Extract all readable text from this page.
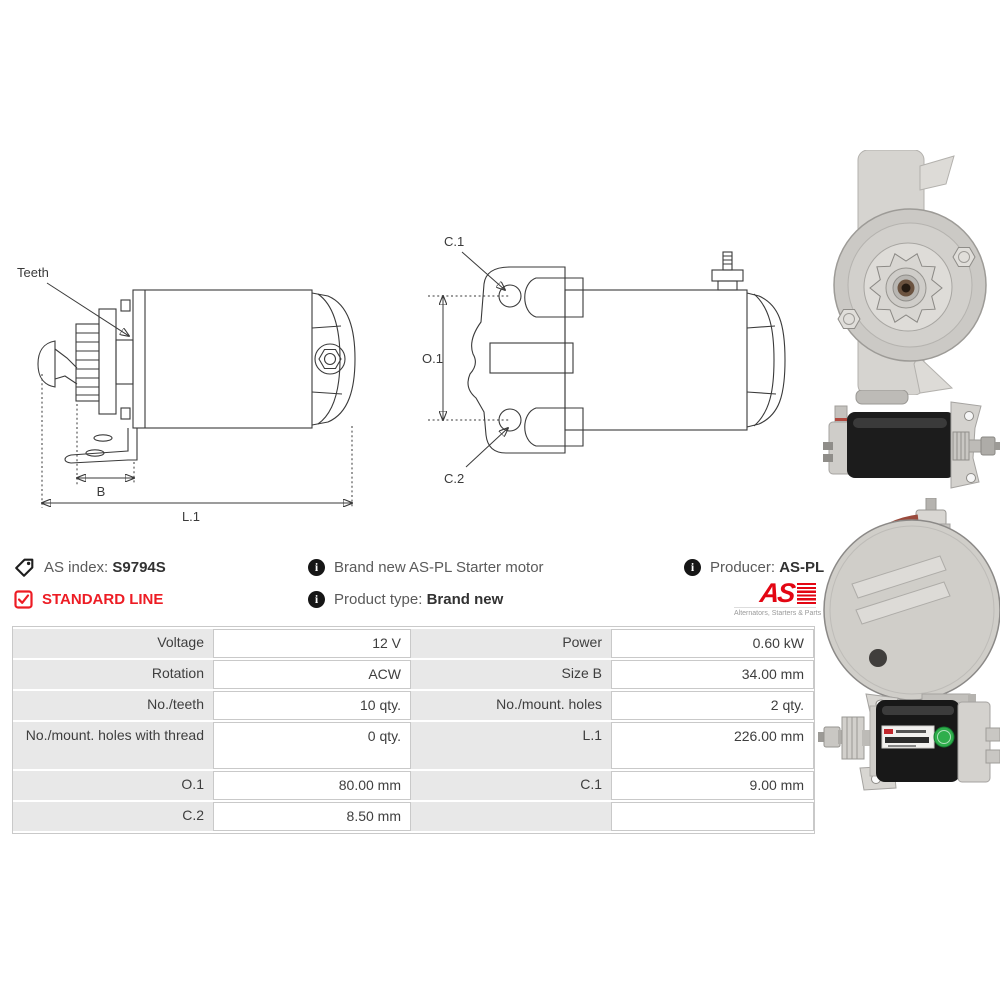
B
L.1
Teeth
O.1
C.1
C.2
AS index: S9794S
STANDARD LINE
i
Brand new AS-PL Starter motor
i
Product type: Brand new
i
Producer: AS-PL
AS
Alternators, Starters & Parts
Voltage	12 V	Power	0.60 kW
Rotation	ACW	Size B	34.00 mm
No./teeth	10 qty.	No./mount. holes	2 qty.
No./mount. holes with thread	0 qty.	L.1	226.00 mm
O.1	80.00 mm	C.1	9.00 mm
C.2	8.50 mm		
